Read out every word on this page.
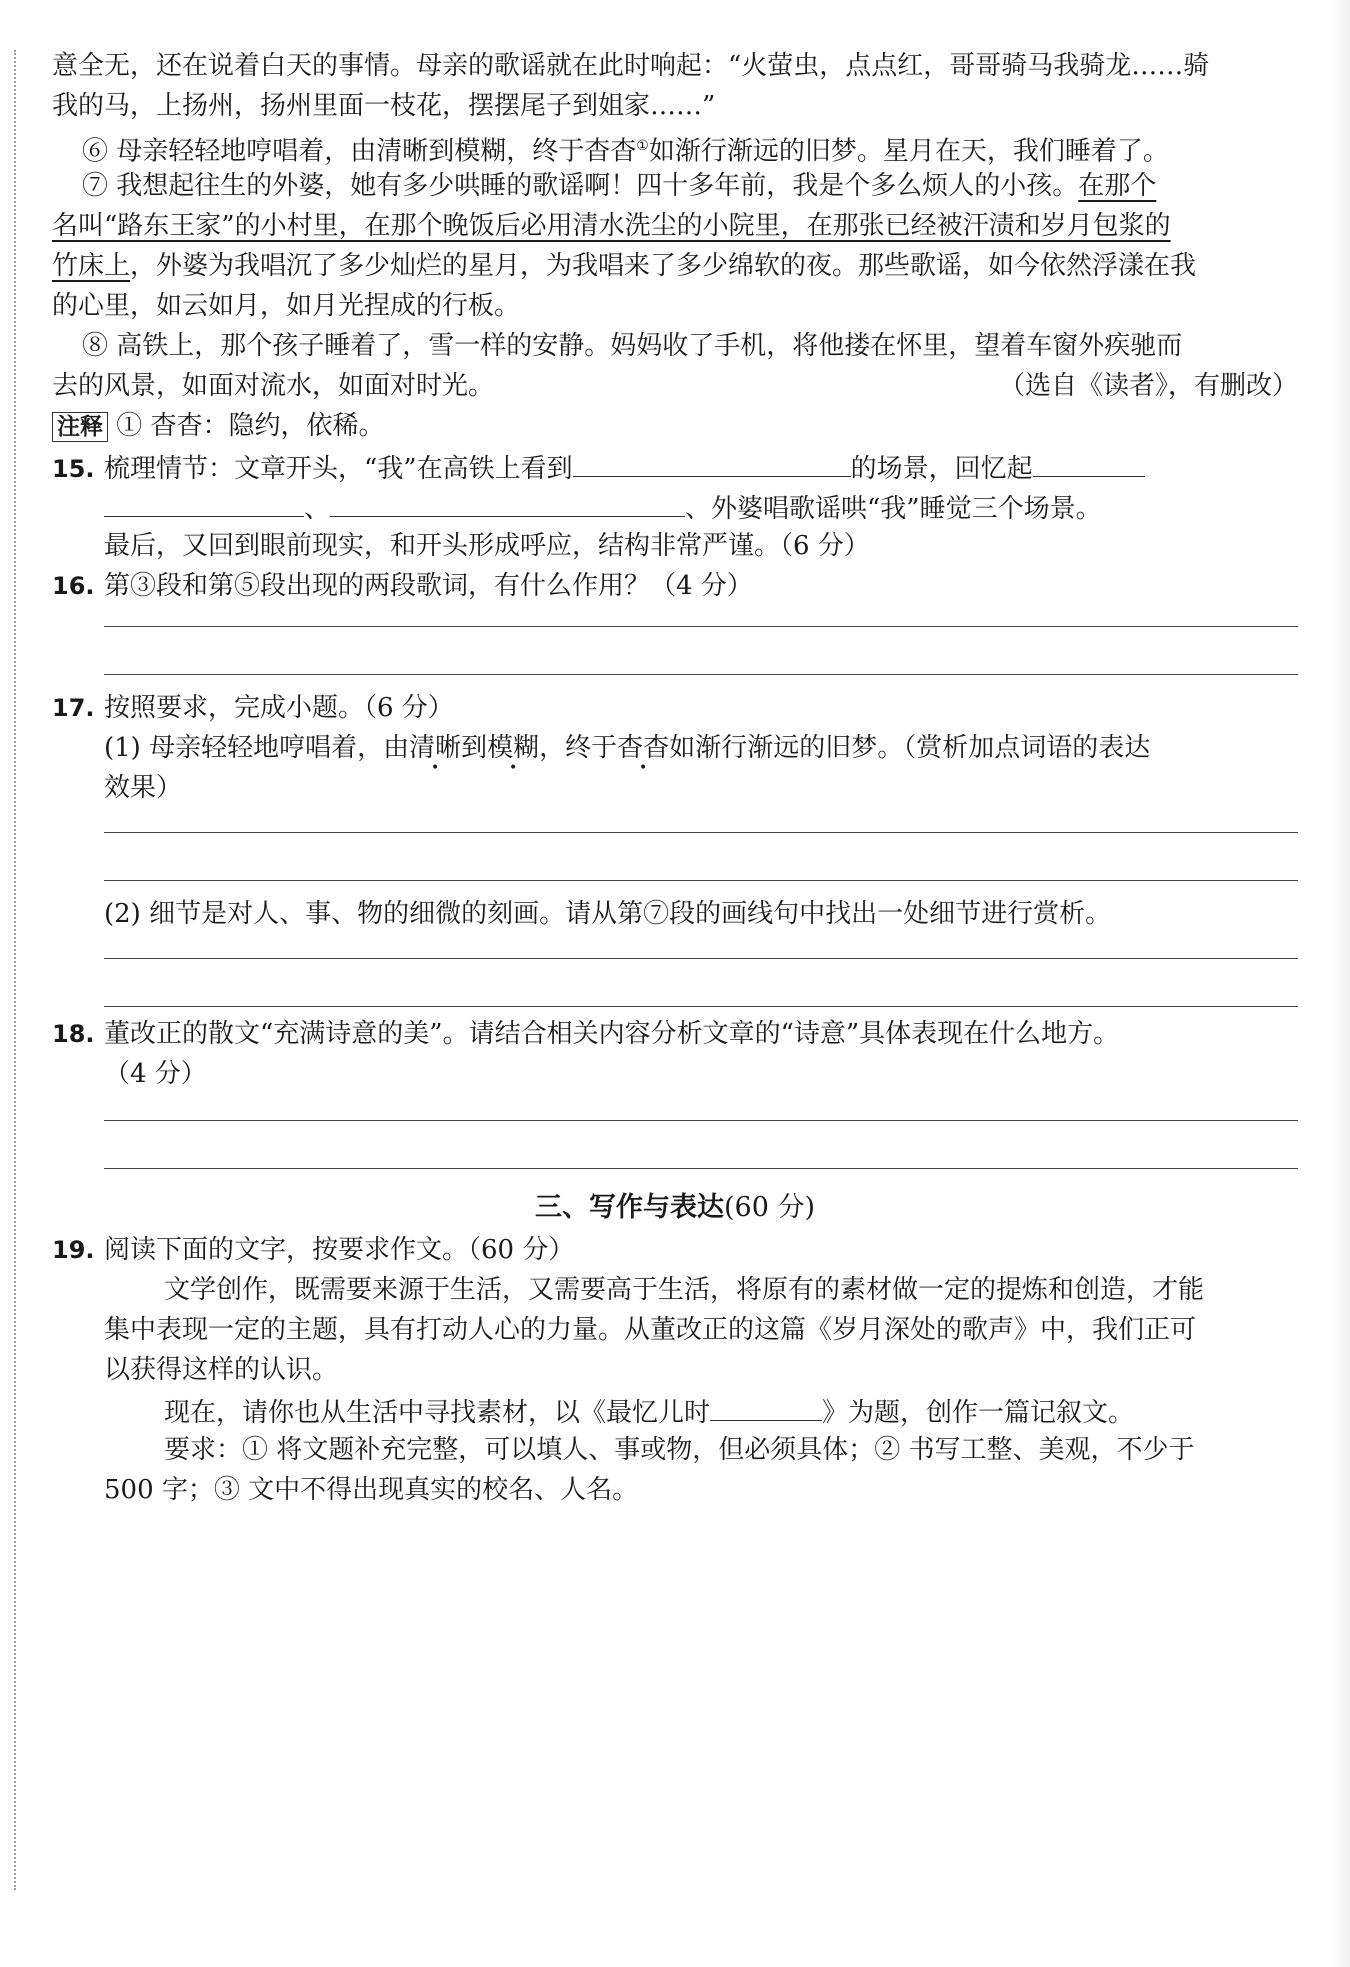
意全无，还在说着白天的事情。母亲的歌谣就在此时响起：“火萤虫，点点红，哥哥骑马我骑龙……骑
我的马，上扬州，扬州里面一枝花，摆摆尾子到姐家……”
⑥ 母亲轻轻地哼唱着，由清晰到模糊，终于杳杳①如渐行渐远的旧梦。星月在天，我们睡着了。
⑦ 我想起往生的外婆，她有多少哄睡的歌谣啊！四十多年前，我是个多么烦人的小孩。在那个
名叫“路东王家”的小村里，在那个晚饭后必用清水洗尘的小院里，在那张已经被汗渍和岁月包浆的
竹床上，外婆为我唱沉了多少灿烂的星月，为我唱来了多少绵软的夜。那些歌谣，如今依然浮漾在我
的心里，如云如月，如月光捏成的行板。
⑧ 高铁上，那个孩子睡着了，雪一样的安静。妈妈收了手机，将他搂在怀里，望着车窗外疾驰而
去的风景，如面对流水，如面对时光。	（选自《读者》，有删改）
注释 ① 杳杳：隐约，依稀。
15. 梳理情节：文章开头，“我”在高铁上看到	的场景，回忆起
、	、外婆唱歌谣哄“我”睡觉三个场景。
最后，又回到眼前现实，和开头形成呼应，结构非常严谨。（6 分）
16. 第③段和第⑤段出现的两段歌词，有什么作用？（4 分）
17. 按照要求，完成小题。（6 分）
(1) 母亲轻轻地哼唱着，由清晰到模糊，终于杳杳如渐行渐远的旧梦。（赏析加点词语的表达
效果）
(2) 细节是对人、事、物的细微的刻画。请从第⑦段的画线句中找出一处细节进行赏析。
18. 董改正的散文“充满诗意的美”。请结合相关内容分析文章的“诗意”具体表现在什么地方。
（4 分）
三、写作与表达(60 分)
19. 阅读下面的文字，按要求作文。（60 分）
文学创作，既需要来源于生活，又需要高于生活，将原有的素材做一定的提炼和创造，才能
集中表现一定的主题，具有打动人心的力量。从董改正的这篇《岁月深处的歌声》中，我们正可
以获得这样的认识。
现在，请你也从生活中寻找素材，以《最忆儿时	》为题，创作一篇记叙文。
要求：① 将文题补充完整，可以填人、事或物，但必须具体；② 书写工整、美观，不少于
500 字；③ 文中不得出现真实的校名、人名。
